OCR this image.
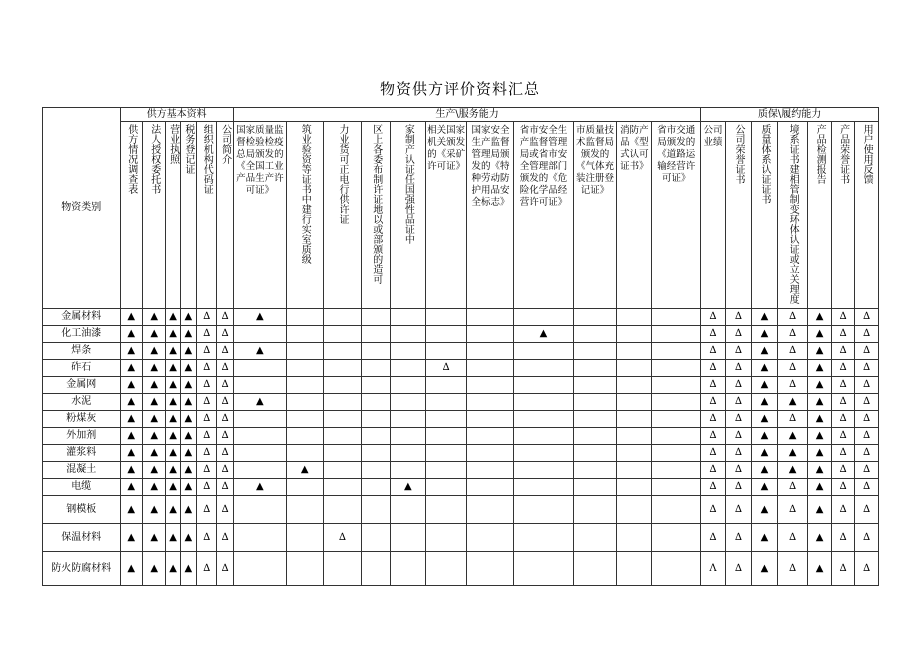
物资供方评价资料汇总
物资类别	供方基本资料						生产\服务能力											质保\履约能力						
	供方情况调查表	法人授权委托书	营业执照	税务登记证	组织机构代码证	公司简介	国家质量监督检验检疫总局颁发的《全国工业产品生产许可证》	筑业验资等证书中建行实室质级	力业货可正电行供许证	区上各委布制许证地以或部颁的造可	家制产认证任国强性品证中	相关国家机关颁发的《采矿许可证》	国家安全生产监督管理局颁发的《特种劳动防护用品安全标志》	省市安全生产监督管理局或省市安全管理部门颁发的《危险化学品经营许可证》	市质量技术监督局颁发的《气体充装注册登记证》	消防产品《型式认可证书》	省市交通局颁发的《道路运输经营许可证》	公司业绩	公司荣誉证书	质量体系认证证书	境系证书建相管制变环体认证或立关理度	产品检测报告	产品荣誉证书	用户使用反馈
金属材料	▲	▲	▲	▲	∆	∆	▲											∆	∆	▲	∆	▲	∆	∆
化工油漆	▲	▲	▲	▲	∆	∆								▲				∆	∆	▲	∆	▲	∆	∆
焊条	▲	▲	▲	▲	∆	∆	▲											∆	∆	▲	∆	▲	∆	∆
砟石	▲	▲	▲	▲	∆	∆						∆						∆	∆	▲	∆	▲	∆	∆
金属网	▲	▲	▲	▲	∆	∆												∆	∆	▲	∆	▲	∆	∆
水泥	▲	▲	▲	▲	∆	∆	▲											∆	∆	▲	▲	▲	∆	∆
粉煤灰	▲	▲	▲	▲	∆	∆												∆	∆	▲	∆	▲	∆	∆
外加剂	▲	▲	▲	▲	∆	∆												∆	∆	▲	▲	▲	∆	∆
灌浆料	▲	▲	▲	▲	∆	∆												∆	∆	▲	▲	▲	∆	∆
混凝土	▲	▲	▲	▲	∆	∆		▲										∆	∆	▲	▲	▲	∆	∆
电缆	▲	▲	▲	▲	∆	∆	▲				▲							∆	∆	▲	∆	▲	∆	∆
钢模板	▲	▲	▲	▲	∆	∆												∆	∆	▲	∆	▲	∆	∆
保温材料	▲	▲	▲	▲	∆	∆			∆									∆	∆	▲	∆	▲	∆	∆
防火防腐材料	▲	▲	▲	▲	∆	∆												Λ	∆	▲	∆	▲	∆	∆
